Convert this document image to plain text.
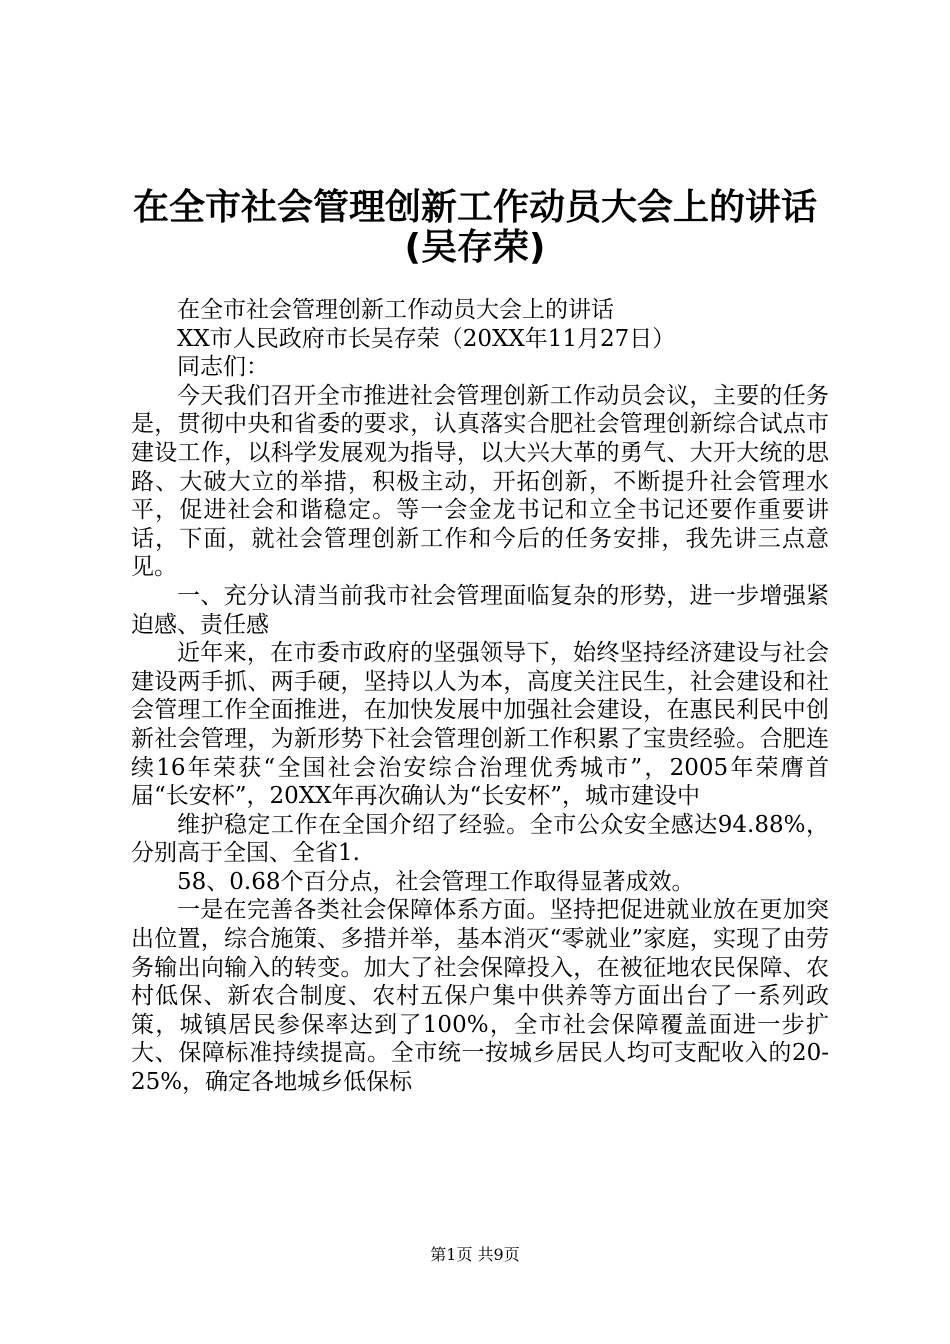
在全市社会管理创新工作动员大会上的讲话
(吴存荣)

在全市社会管理创新工作动员大会上的讲话

XX市人民政府市长吴存荣（20XX年11月27日）

同志们：

今天我们召开全市推进社会管理创新工作动员会议，主要的任务是，贯彻中央和省委的要求，认真落实合肥社会管理创新综合试点市建设工作，以科学发展观为指导，以大兴大革的勇气、大开大统的思路、大破大立的举措，积极主动，开拓创新，不断提升社会管理水平，促进社会和谐稳定。等一会金龙书记和立全书记还要作重要讲话，下面，就社会管理创新工作和今后的任务安排，我先讲三点意见。

一、充分认清当前我市社会管理面临复杂的形势，进一步增强紧迫感、责任感

近年来，在市委市政府的坚强领导下，始终坚持经济建设与社会建设两手抓、两手硬，坚持以人为本，高度关注民生，社会建设和社会管理工作全面推进，在加快发展中加强社会建设，在惠民利民中创新社会管理，为新形势下社会管理创新工作积累了宝贵经验。合肥连续16年荣获“全国社会治安综合治理优秀城市”，2005年荣膺首届“长安杯”，20XX年再次确认为“长安杯”，城市建设中

维护稳定工作在全国介绍了经验。全市公众安全感达94.88%，分别高于全国、全省1.

58、0.68个百分点，社会管理工作取得显著成效。

一是在完善各类社会保障体系方面。坚持把促进就业放在更加突出位置，综合施策、多措并举，基本消灭“零就业”家庭，实现了由劳务输出向输入的转变。加大了社会保障投入，在被征地农民保障、农村低保、新农合制度、农村五保户集中供养等方面出台了一系列政策，城镇居民参保率达到了100%，全市社会保障覆盖面进一步扩大、保障标准持续提高。全市统一按城乡居民人均可支配收入的20-25%，确定各地城乡低保标

第1页 共9页
